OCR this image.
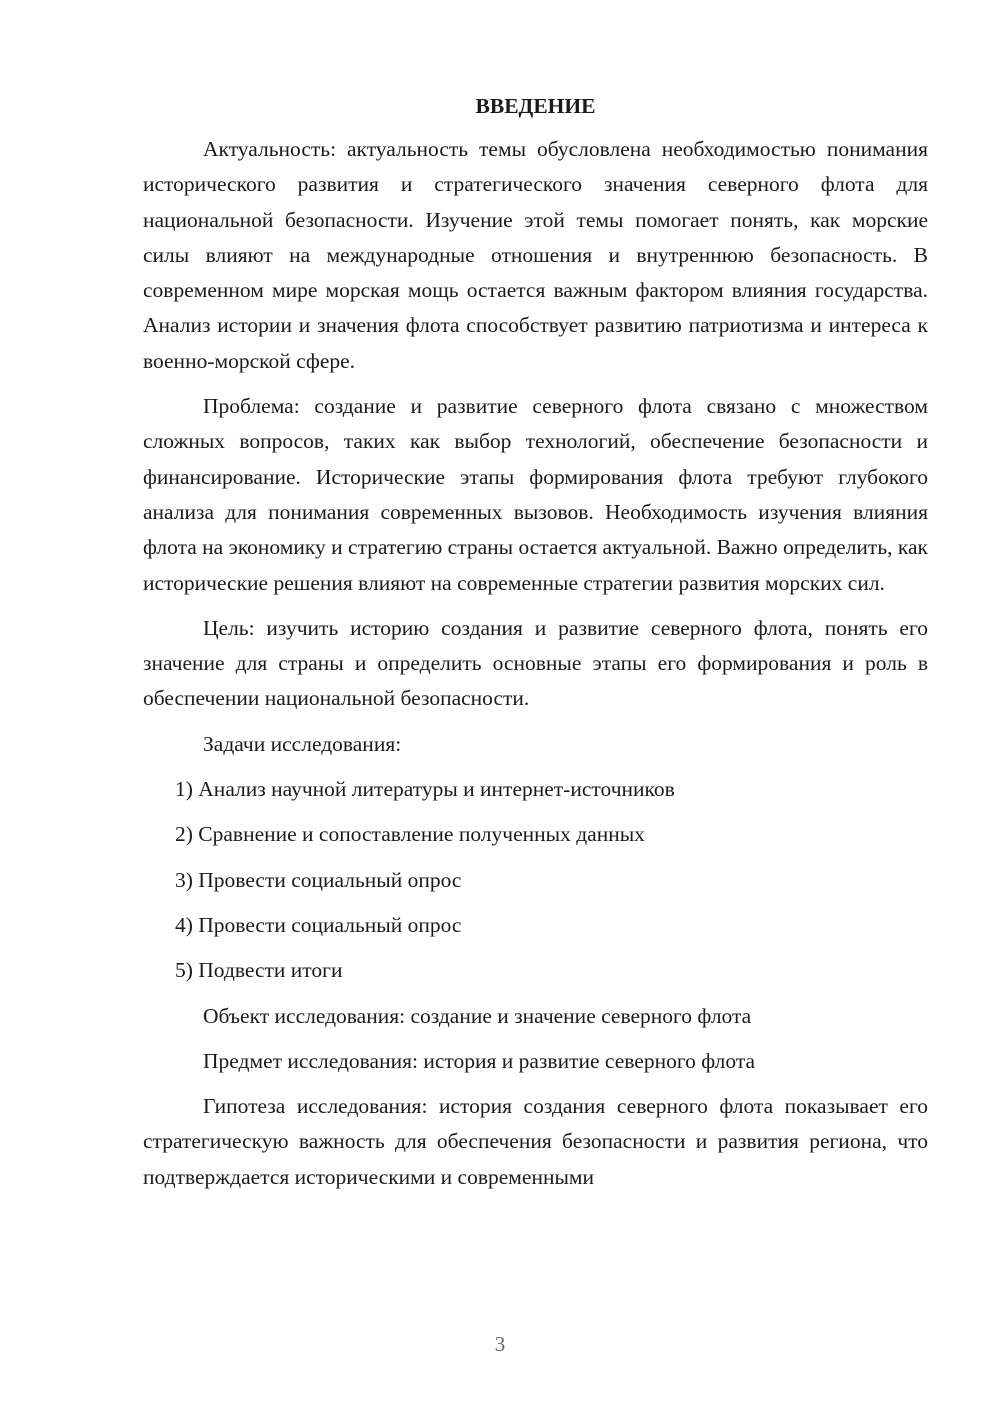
ВВЕДЕНИЕ

Актуальность: актуальность темы обусловлена необходимостью понимания исторического развития и стратегического значения северного флота для национальной безопасности. Изучение этой темы помогает понять, как морские силы влияют на международные отношения и внутреннюю безопасность. В современном мире морская мощь остается важным фактором влияния государства. Анализ истории и значения флота способствует развитию патриотизма и интереса к военно-морской сфере.

Проблема: создание и развитие северного флота связано с множеством сложных вопросов, таких как выбор технологий, обеспечение безопасности и финансирование. Исторические этапы формирования флота требуют глубокого анализа для понимания современных вызовов. Необходимость изучения влияния флота на экономику и стратегию страны остается актуальной. Важно определить, как исторические решения влияют на современные стратегии развития морских сил.

Цель: изучить историю создания и развитие северного флота, понять его значение для страны и определить основные этапы его формирования и роль в обеспечении национальной безопасности.

Задачи исследования:

1) Анализ научной литературы и интернет-источников
2) Сравнение и сопоставление полученных данных
3) Провести социальный опрос
4) Провести социальный опрос
5) Подвести итоги

Объект исследования: создание и значение северного флота

Предмет исследования: история и развитие северного флота

Гипотеза исследования: история создания северного флота показывает его стратегическую важность для обеспечения безопасности и развития региона, что подтверждается историческими и современными

3
